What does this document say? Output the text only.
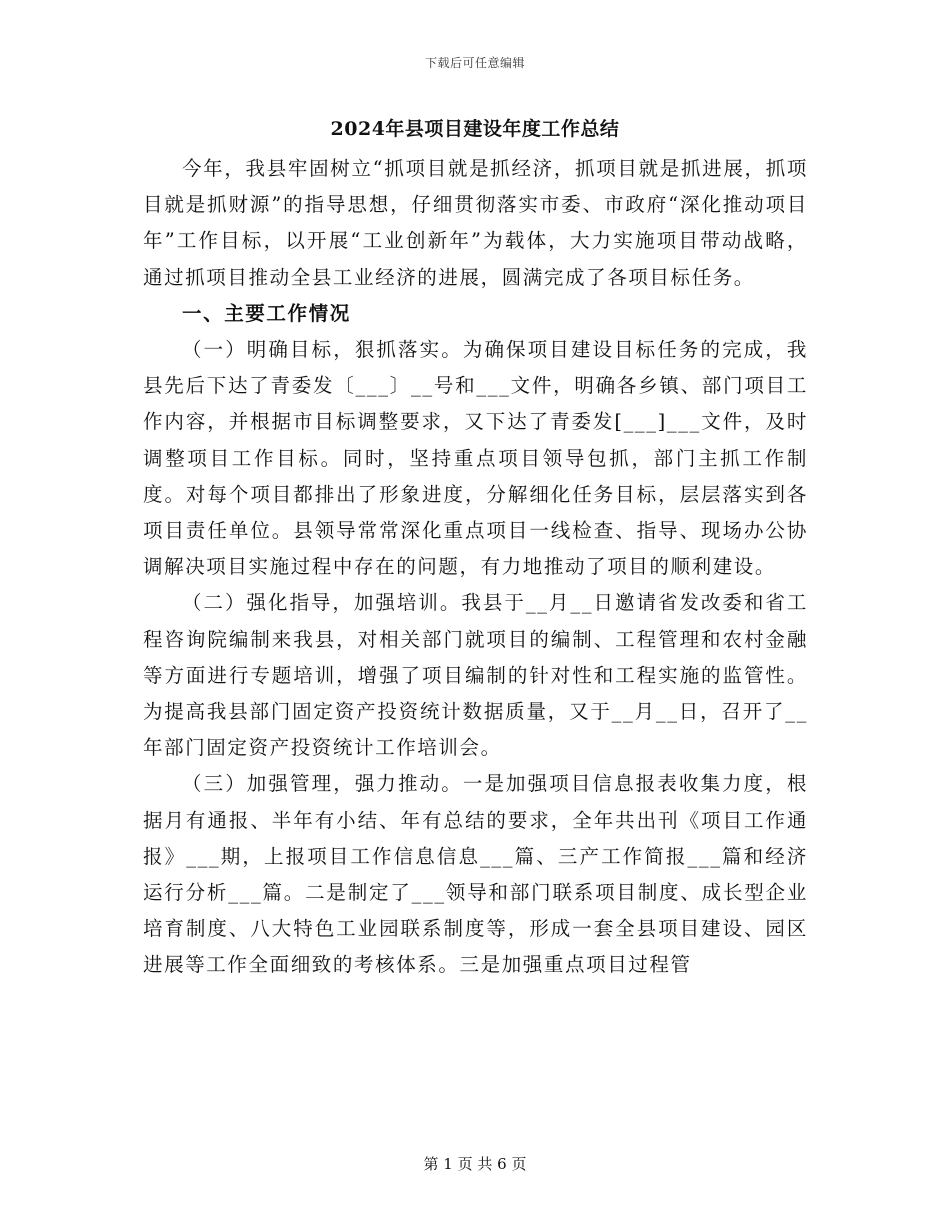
下载后可任意编辑
2024年县项目建设年度工作总结

今年，我县牢固树立“抓项目就是抓经济，抓项目就是抓进展，抓项目就是抓财源”的指导思想，仔细贯彻落实市委、市政府“深化推动项目年”工作目标，以开展“工业创新年”为载体，大力实施项目带动战略，通过抓项目推动全县工业经济的进展，圆满完成了各项目标任务。

一、主要工作情况

（一）明确目标，狠抓落实。为确保项目建设目标任务的完成，我县先后下达了青委发〔___〕__号和___文件，明确各乡镇、部门项目工作内容，并根据市目标调整要求，又下达了青委发[___]___文件，及时调整项目工作目标。同时，坚持重点项目领导包抓，部门主抓工作制度。对每个项目都排出了形象进度，分解细化任务目标，层层落实到各项目责任单位。县领导常常深化重点项目一线检查、指导、现场办公协调解决项目实施过程中存在的问题，有力地推动了项目的顺利建设。

（二）强化指导，加强培训。我县于__月__日邀请省发改委和省工程咨询院编制来我县，对相关部门就项目的编制、工程管理和农村金融等方面进行专题培训，增强了项目编制的针对性和工程实施的监管性。为提高我县部门固定资产投资统计数据质量，又于__月__日，召开了__年部门固定资产投资统计工作培训会。

（三）加强管理，强力推动。一是加强项目信息报表收集力度，根据月有通报、半年有小结、年有总结的要求，全年共出刊《项目工作通报》___期，上报项目工作信息信息___篇、三产工作简报___篇和经济运行分析___篇。二是制定了___领导和部门联系项目制度、成长型企业培育制度、八大特色工业园联系制度等，形成一套全县项目建设、园区进展等工作全面细致的考核体系。三是加强重点项目过程管

第 1 页 共 6 页
